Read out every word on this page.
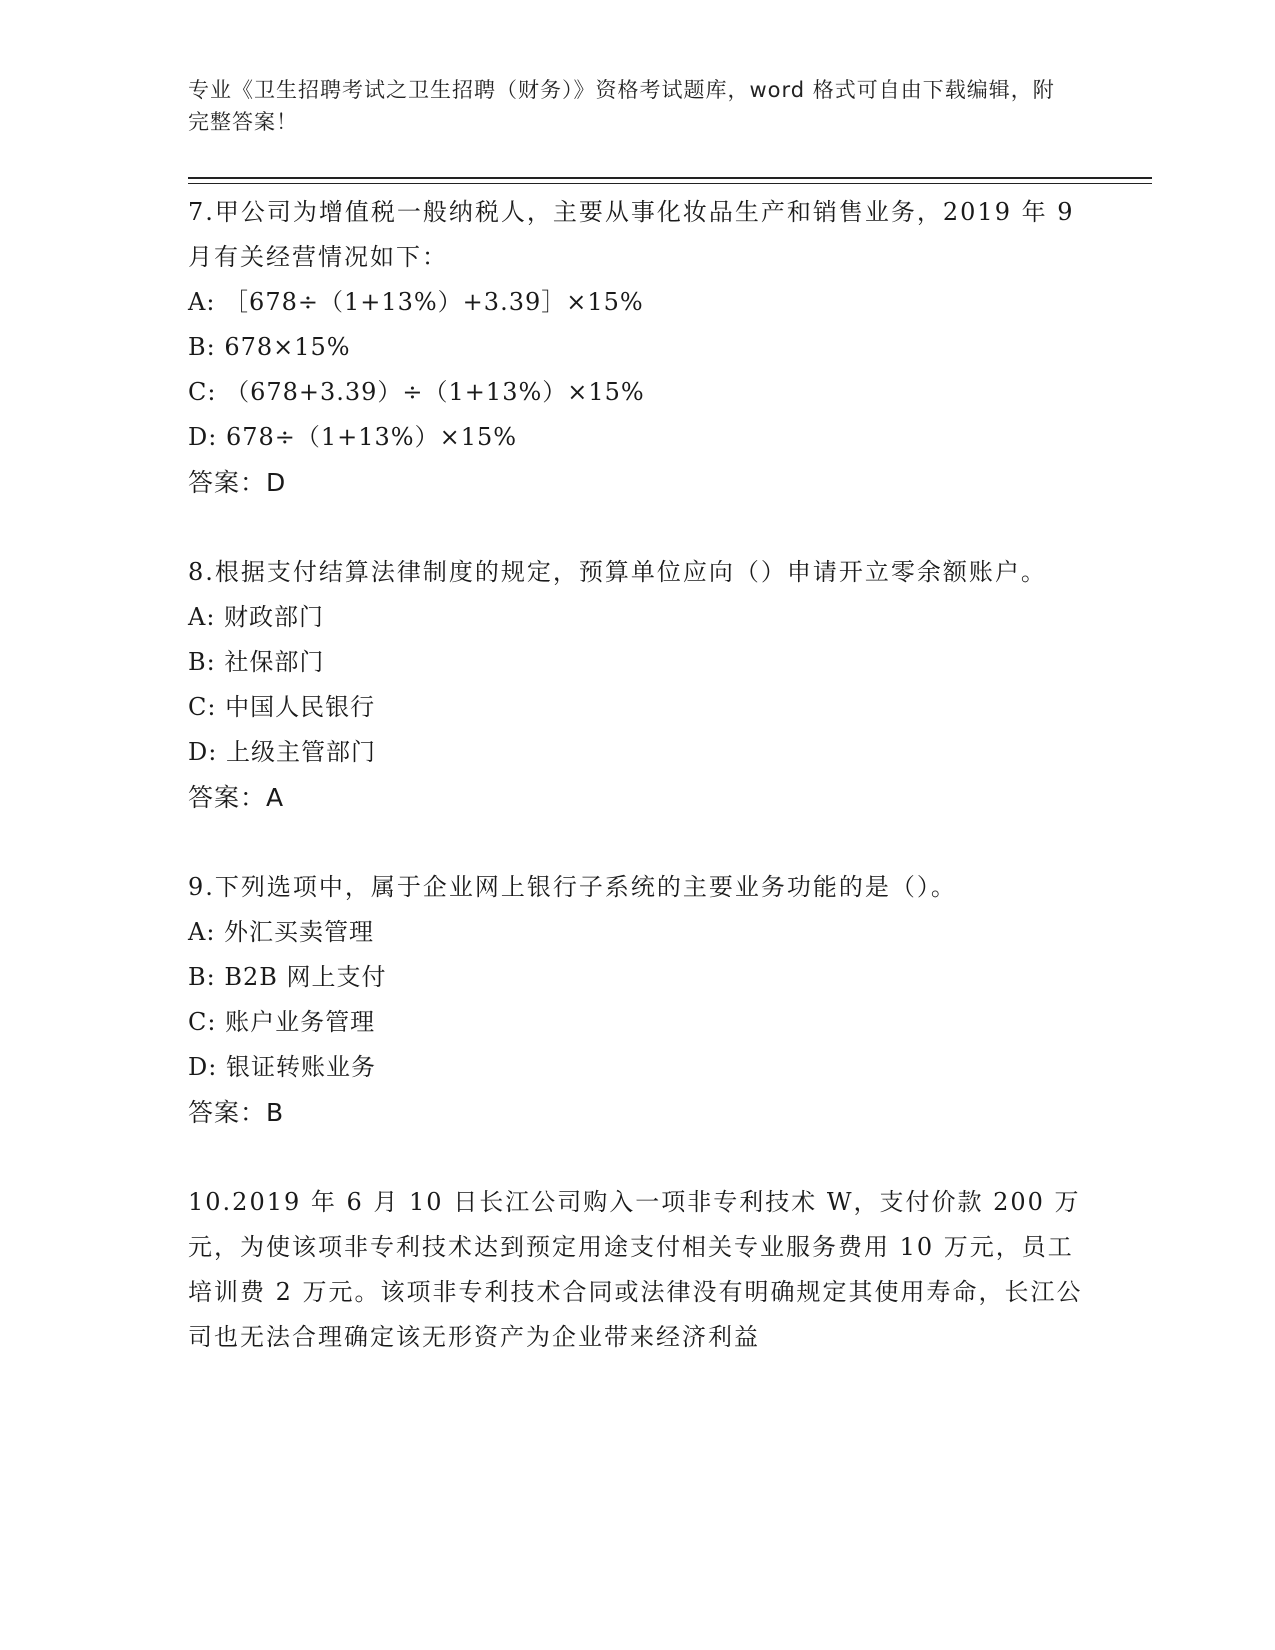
专业《卫生招聘考试之卫生招聘（财务）》资格考试题库，word 格式可自由下载编辑，附完整答案！
7.甲公司为增值税一般纳税人，主要从事化妆品生产和销售业务，2019 年 9 月有关经营情况如下：
A: ［678÷（1+13%）+3.39］×15%
B: 678×15%
C: （678+3.39）÷（1+13%）×15%
D: 678÷（1+13%）×15%
答案：D
8.根据支付结算法律制度的规定，预算单位应向（）申请开立零余额账户。
A: 财政部门
B: 社保部门
C: 中国人民银行
D: 上级主管部门
答案：A
9.下列选项中，属于企业网上银行子系统的主要业务功能的是（）。
A: 外汇买卖管理
B: B2B 网上支付
C: 账户业务管理
D: 银证转账业务
答案：B
10.2019 年 6 月 10 日长江公司购入一项非专利技术 W，支付价款 200 万元，为使该项非专利技术达到预定用途支付相关专业服务费用 10 万元，员工培训费 2 万元。该项非专利技术合同或法律没有明确规定其使用寿命，长江公司也无法合理确定该无形资产为企业带来经济利益
